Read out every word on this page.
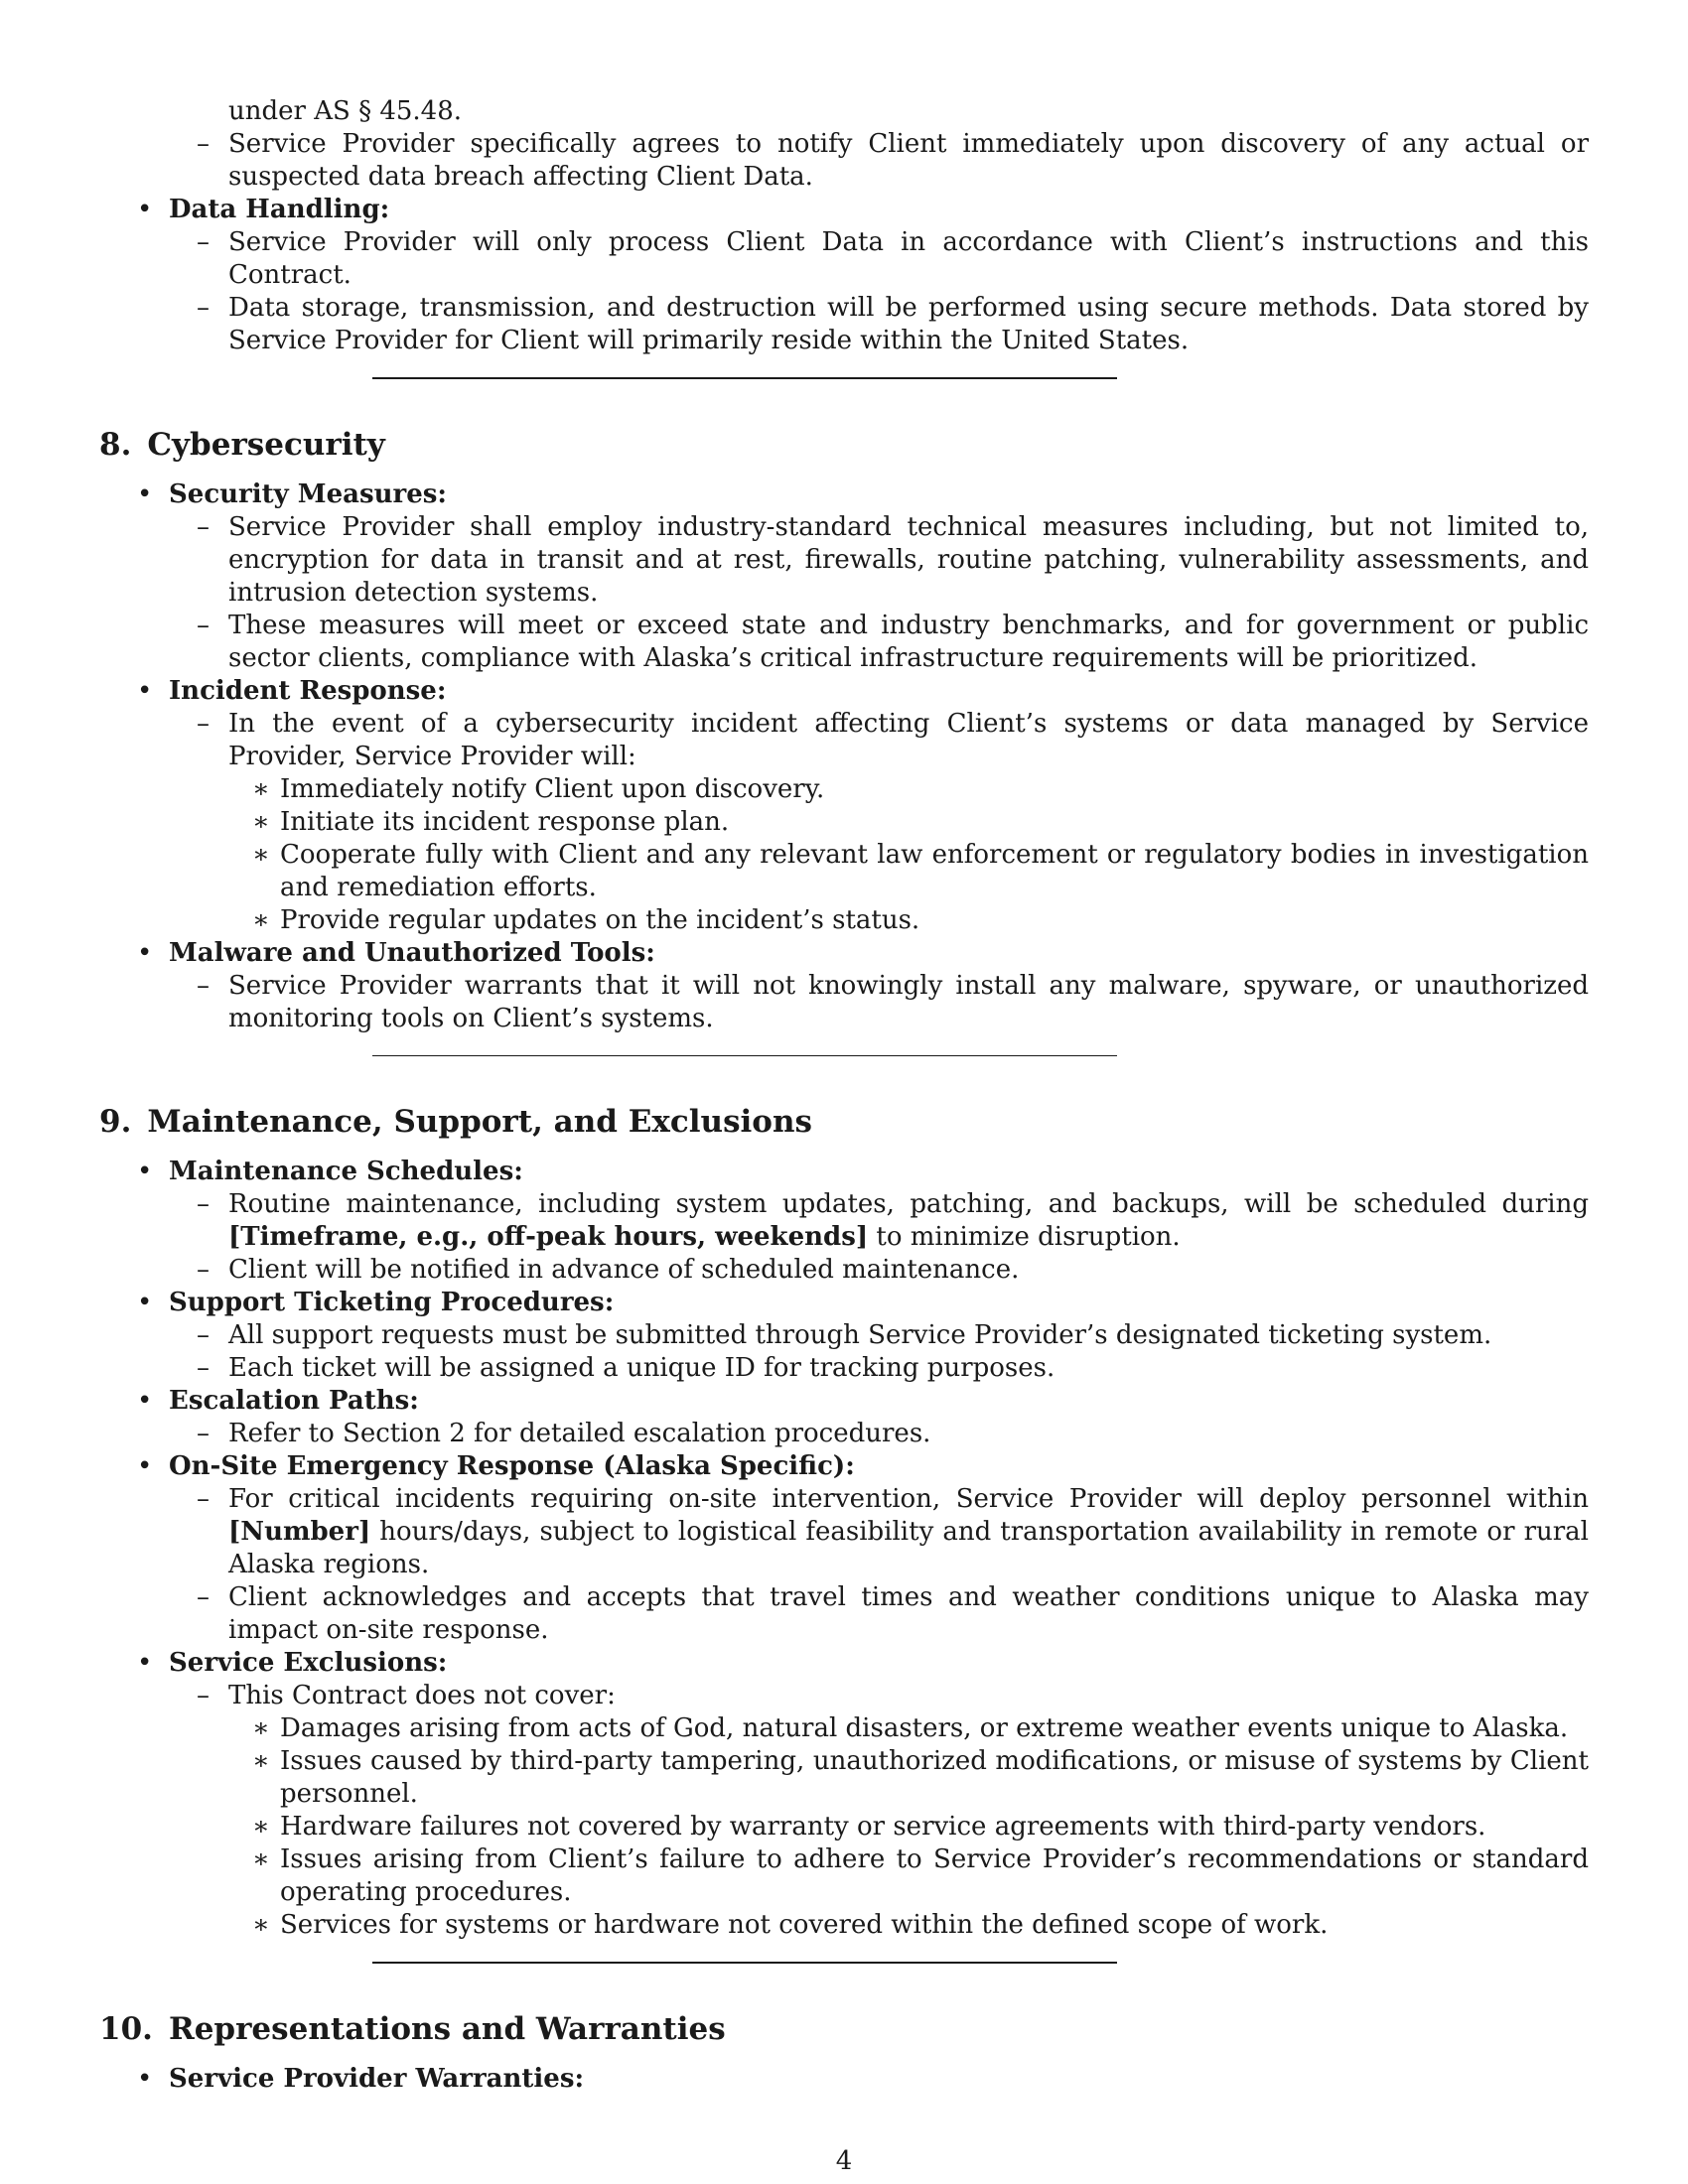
under AS § 45.48.
– Service Provider specifically agrees to notify Client immediately upon discovery of any actual or suspected data breach affecting Client Data.
• Data Handling:
– Service Provider will only process Client Data in accordance with Client’s instructions and this Contract.
– Data storage, transmission, and destruction will be performed using secure methods. Data stored by Service Provider for Client will primarily reside within the United States.
8. Cybersecurity
• Security Measures:
– Service Provider shall employ industry-standard technical measures including, but not limited to, encryption for data in transit and at rest, firewalls, routine patching, vulnerability assessments, and intrusion detection systems.
– These measures will meet or exceed state and industry benchmarks, and for government or public sector clients, compliance with Alaska’s critical infrastructure requirements will be prioritized.
• Incident Response:
– In the event of a cybersecurity incident affecting Client’s systems or data managed by Service Provider, Service Provider will:
∗ Immediately notify Client upon discovery.
∗ Initiate its incident response plan.
∗ Cooperate fully with Client and any relevant law enforcement or regulatory bodies in investigation and remediation efforts.
∗ Provide regular updates on the incident’s status.
• Malware and Unauthorized Tools:
– Service Provider warrants that it will not knowingly install any malware, spyware, or unauthorized monitoring tools on Client’s systems.
9. Maintenance, Support, and Exclusions
• Maintenance Schedules:
– Routine maintenance, including system updates, patching, and backups, will be scheduled during [Timeframe, e.g., off-peak hours, weekends] to minimize disruption.
– Client will be notified in advance of scheduled maintenance.
• Support Ticketing Procedures:
– All support requests must be submitted through Service Provider’s designated ticketing system.
– Each ticket will be assigned a unique ID for tracking purposes.
• Escalation Paths:
– Refer to Section 2 for detailed escalation procedures.
• On-Site Emergency Response (Alaska Specific):
– For critical incidents requiring on-site intervention, Service Provider will deploy personnel within [Number] hours/days, subject to logistical feasibility and transportation availability in remote or rural Alaska regions.
– Client acknowledges and accepts that travel times and weather conditions unique to Alaska may impact on-site response.
• Service Exclusions:
– This Contract does not cover:
∗ Damages arising from acts of God, natural disasters, or extreme weather events unique to Alaska.
∗ Issues caused by third-party tampering, unauthorized modifications, or misuse of systems by Client personnel.
∗ Hardware failures not covered by warranty or service agreements with third-party vendors.
∗ Issues arising from Client’s failure to adhere to Service Provider’s recommendations or standard operating procedures.
∗ Services for systems or hardware not covered within the defined scope of work.
10. Representations and Warranties
• Service Provider Warranties:
4
